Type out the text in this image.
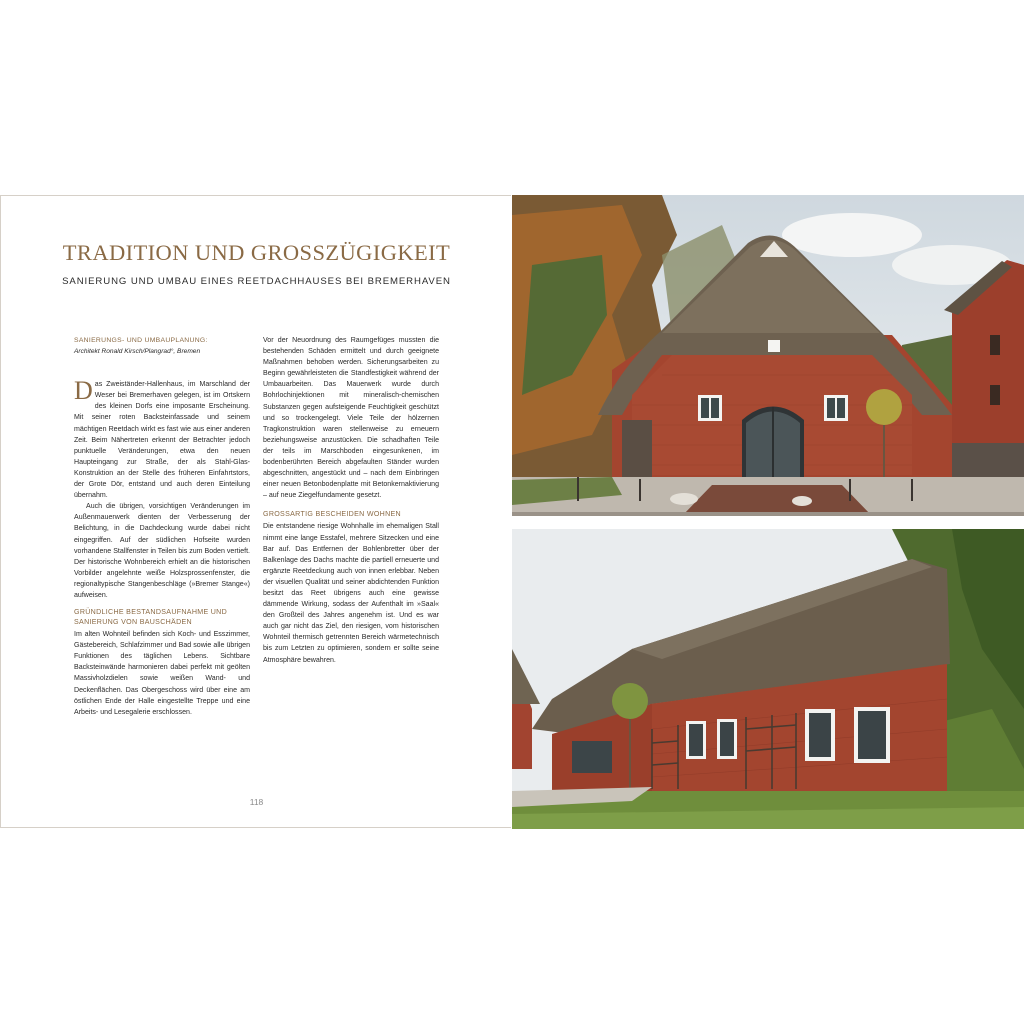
TRADITION UND GROSSZÜGIGKEIT
SANIERUNG UND UMBAU EINES REETDACHHAUSES BEI BREMERHAVEN
SANIERUNGS- UND UMBAUPLANUNG:
Architekt Ronald Kirsch/Plangrad°, Bremen

Das Zweiständer-Hallenhaus, im Marschland der Weser bei Bremerhaven gelegen, ist im Ortskern des kleinen Dorfs eine imposante Erscheinung. Mit seiner roten Backsteinfassade und seinem mächtigen Reetdach wirkt es fast wie aus einer anderen Zeit. Beim Nähertreten erkennt der Betrachter jedoch punktuelle Veränderungen, etwa den neuen Haupteingang zur Straße, der als Stahl-Glas-Konstruktion an der Stelle des früheren Einfahrtstors, der Grote Dör, entstand und auch deren Einteilung übernahm.

Auch die übrigen, vorsichtigen Veränderungen im Außenmauerwerk dienten der Verbesserung der Belichtung, in die Dachdeckung wurde dabei nicht eingegriffen. Auf der südlichen Hofseite wurden vorhandene Stallfenster in Teilen bis zum Boden vertieft. Der historische Wohnbereich erhielt an die historischen Vorbilder angelehnte weiße Holzsprossenfenster, die regionaltypische Stangenbeschläge (»Bremer Stange«) aufweisen.

GRÜNDLICHE BESTANDSAUFNAHME UND SANIERUNG VON BAUSCHÄDEN

Im alten Wohnteil befinden sich Koch- und Esszimmer, Gästebereich, Schlafzimmer und Bad sowie alle übrigen Funktionen des täglichen Lebens. Sichtbare Backsteinwände harmonieren dabei perfekt mit geölten Massivholzdielen sowie weißen Wand- und Deckenflächen. Das Obergeschoss wird über eine am östlichen Ende der Halle eingestellte Treppe und eine Arbeits- und Lesegalerie erschlossen.

Vor der Neuordnung des Raumgefüges mussten die bestehenden Schäden ermittelt und durch geeignete Maßnahmen behoben werden. Sicherungsarbeiten zu Beginn gewährleisteten die Standfestigkeit während der Umbauarbeiten. Das Mauerwerk wurde durch Bohrlochinjektionen mit mineralisch-chemischen Substanzen gegen aufsteigende Feuchtigkeit geschützt und so trockengelegt. Viele Teile der hölzernen Tragkonstruktion waren stellenweise zu erneuern beziehungsweise anzustücken. Die schadhaften Teile der teils im Marschboden eingesunkenen, im bodenberührten Bereich abgefaulten Ständer wurden abgeschnitten, angestückt und – nach dem Einbringen einer neuen Betonbodenplatte mit Betonkernaktivierung – auf neue Ziegelfundamente gesetzt.

GROSSARTIG BESCHEIDEN WOHNEN

Die entstandene riesige Wohnhalle im ehemaligen Stall nimmt eine lange Esstafel, mehrere Sitzecken und eine Bar auf. Das Entfernen der Bohlenbretter über der Balkenlage des Dachs machte die partiell erneuerte und ergänzte Reetdeckung auch von innen erlebbar. Neben der visuellen Qualität und seiner abdichtenden Funktion besitzt das Reet übrigens auch eine gewisse dämmende Wirkung, sodass der Aufenthalt im »Saal« den Großteil des Jahres angenehm ist. Und es war auch gar nicht das Ziel, den riesigen, vom historischen Wohnteil thermisch getrennten Bereich wärmetechnisch bis zum Letzten zu optimieren, sondern er sollte seine Atmosphäre bewahren.

118
